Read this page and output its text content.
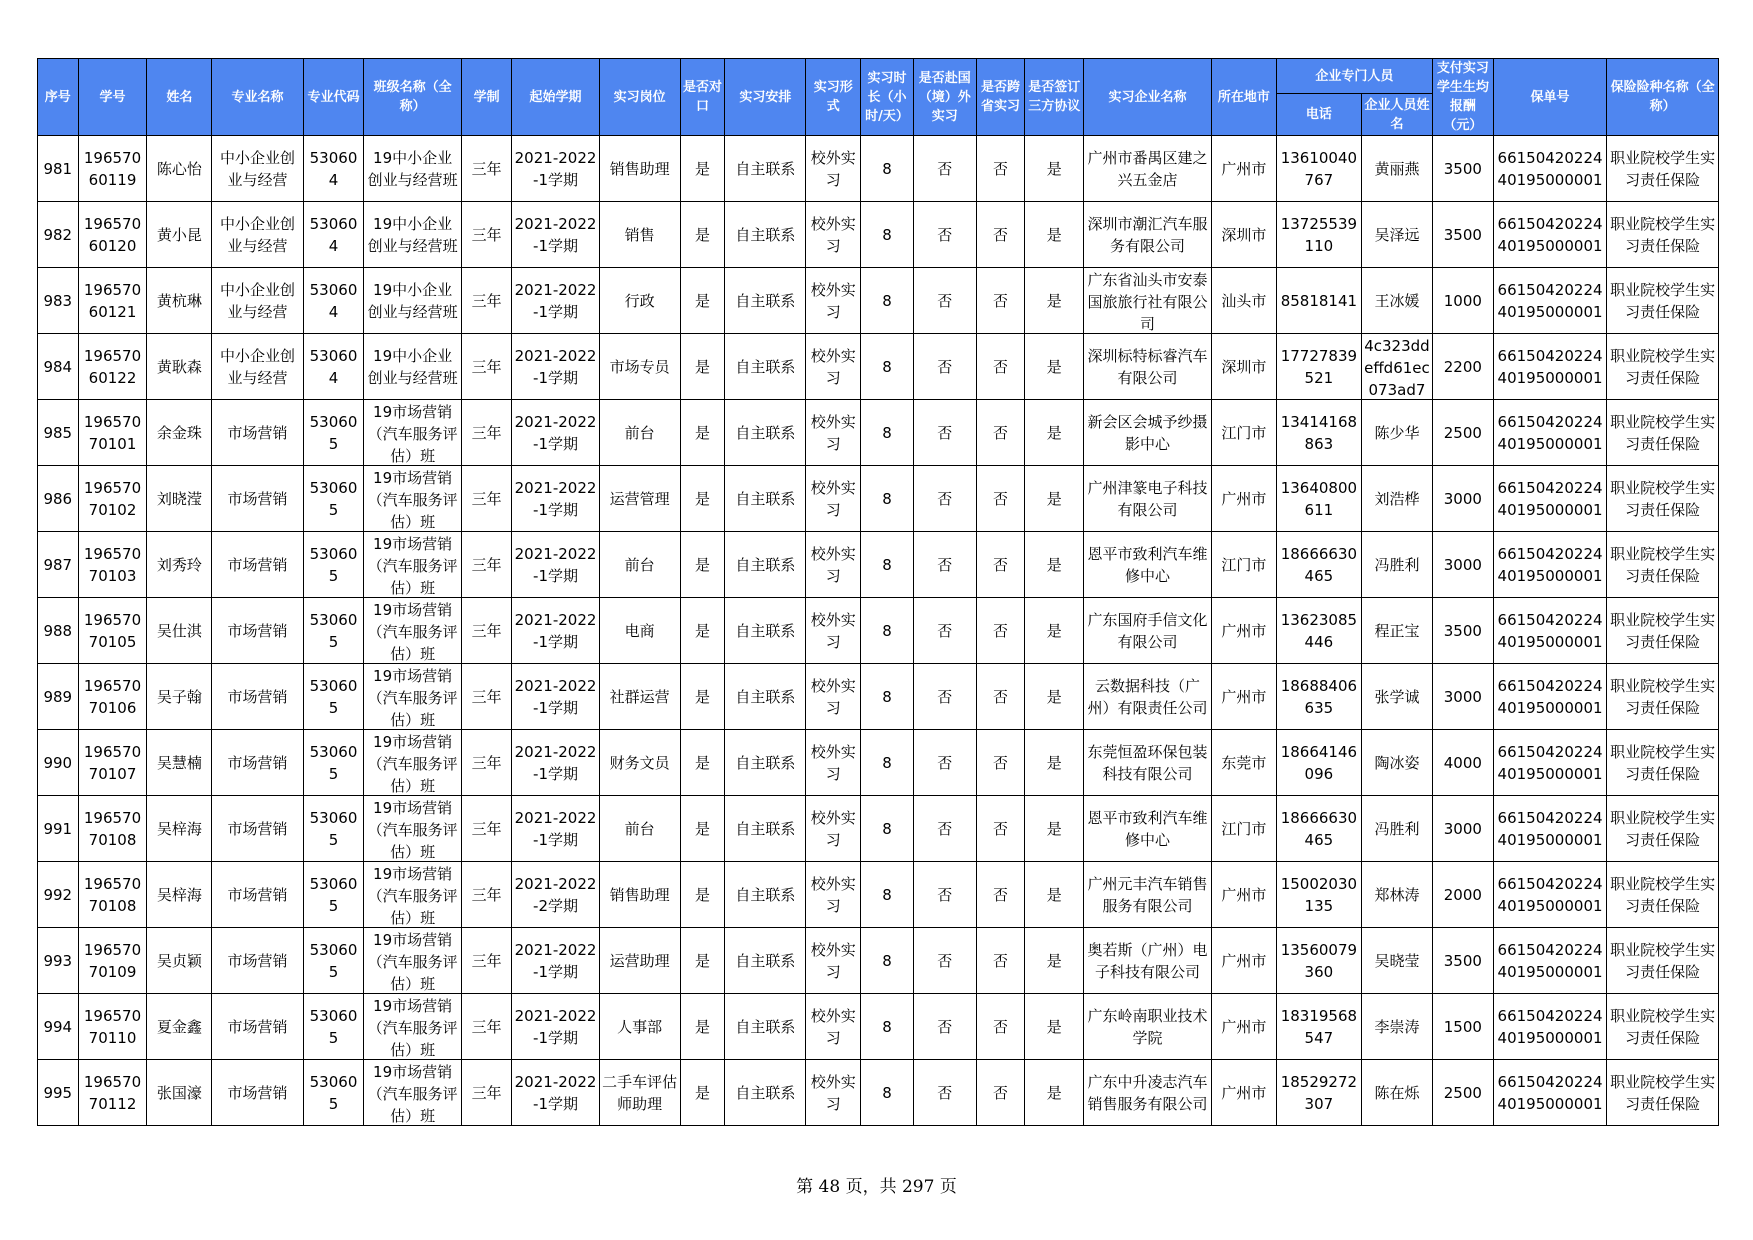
序号	学号	姓名	专业名称	专业代码	班级名称（全称）	学制	起始学期	实习岗位	是否对口	实习安排	实习形式	实习时长（小时/天）	是否赴国（境）外实习	是否跨省实习	是否签订三方协议	实习企业名称	所在地市	企业专门人员		支付实习学生生均报酬（元）	保单号	保险险种名称（全称）
																		电话	企业人员姓名			

981	19657060119	陈心怡	中小企业创业与经营	530604	19中小企业创业与经营班	三年	2021-2022-1学期	销售助理	是	自主联系	校外实习	8	否	否	是	广州市番禺区建之兴五金店	广州市	13610040767	黄丽燕	3500	6615042022440195000001	职业院校学生实习责任保险

982	19657060120	黄小昆	中小企业创业与经营	530604	19中小企业创业与经营班	三年	2021-2022-1学期	销售	是	自主联系	校外实习	8	否	否	是	深圳市潮汇汽车服务有限公司	深圳市	13725539110	吴泽远	3500	6615042022440195000001	职业院校学生实习责任保险

983	19657060121	黄杭琳	中小企业创业与经营	530604	19中小企业创业与经营班	三年	2021-2022-1学期	行政	是	自主联系	校外实习	8	否	否	是	广东省汕头市安泰国旅旅行社有限公司	汕头市	85818141	王冰媛	1000	6615042022440195000001	职业院校学生实习责任保险

984	19657060122	黄耿森	中小企业创业与经营	530604	19中小企业创业与经营班	三年	2021-2022-1学期	市场专员	是	自主联系	校外实习	8	否	否	是	深圳标特标睿汽车有限公司	深圳市	17727839521	4c323ddeffd61ec073ad7	2200	6615042022440195000001	职业院校学生实习责任保险

985	19657070101	余金珠	市场营销	530605	19市场营销（汽车服务评估）班	三年	2021-2022-1学期	前台	是	自主联系	校外实习	8	否	否	是	新会区会城予纱摄影中心	江门市	13414168863	陈少华	2500	6615042022440195000001	职业院校学生实习责任保险

986	19657070102	刘晓滢	市场营销	530605	19市场营销（汽车服务评估）班	三年	2021-2022-1学期	运营管理	是	自主联系	校外实习	8	否	否	是	广州津篆电子科技有限公司	广州市	13640800611	刘浩桦	3000	6615042022440195000001	职业院校学生实习责任保险

987	19657070103	刘秀玲	市场营销	530605	19市场营销（汽车服务评估）班	三年	2021-2022-1学期	前台	是	自主联系	校外实习	8	否	否	是	恩平市致利汽车维修中心	江门市	18666630465	冯胜利	3000	6615042022440195000001	职业院校学生实习责任保险

988	19657070105	吴仕淇	市场营销	530605	19市场营销（汽车服务评估）班	三年	2021-2022-1学期	电商	是	自主联系	校外实习	8	否	否	是	广东国府手信文化有限公司	广州市	13623085446	程正宝	3500	6615042022440195000001	职业院校学生实习责任保险

989	19657070106	吴子翰	市场营销	530605	19市场营销（汽车服务评估）班	三年	2021-2022-1学期	社群运营	是	自主联系	校外实习	8	否	否	是	云数据科技（广州）有限责任公司	广州市	18688406635	张学诚	3000	6615042022440195000001	职业院校学生实习责任保险

990	19657070107	吴慧楠	市场营销	530605	19市场营销（汽车服务评估）班	三年	2021-2022-1学期	财务文员	是	自主联系	校外实习	8	否	否	是	东莞恒盈环保包装科技有限公司	东莞市	18664146096	陶冰姿	4000	6615042022440195000001	职业院校学生实习责任保险

991	19657070108	吴梓海	市场营销	530605	19市场营销（汽车服务评估）班	三年	2021-2022-1学期	前台	是	自主联系	校外实习	8	否	否	是	恩平市致利汽车维修中心	江门市	18666630465	冯胜利	3000	6615042022440195000001	职业院校学生实习责任保险

992	19657070108	吴梓海	市场营销	530605	19市场营销（汽车服务评估）班	三年	2021-2022-2学期	销售助理	是	自主联系	校外实习	8	否	否	是	广州元丰汽车销售服务有限公司	广州市	15002030135	郑林涛	2000	6615042022440195000001	职业院校学生实习责任保险

993	19657070109	吴贞颖	市场营销	530605	19市场营销（汽车服务评估）班	三年	2021-2022-1学期	运营助理	是	自主联系	校外实习	8	否	否	是	奥若斯（广州）电子科技有限公司	广州市	13560079360	吴晓莹	3500	6615042022440195000001	职业院校学生实习责任保险

994	19657070110	夏金鑫	市场营销	530605	19市场营销（汽车服务评估）班	三年	2021-2022-1学期	人事部	是	自主联系	校外实习	8	否	否	是	广东岭南职业技术学院	广州市	18319568547	李崇涛	1500	6615042022440195000001	职业院校学生实习责任保险

995	19657070112	张国濠	市场营销	530605	19市场营销（汽车服务评估）班	三年	2021-2022-1学期	二手车评估师助理	是	自主联系	校外实习	8	否	否	是	广东中升凌志汽车销售服务有限公司	广州市	18529272307	陈在烁	2500	6615042022440195000001	职业院校学生实习责任保险
第 48 页，共 297 页
